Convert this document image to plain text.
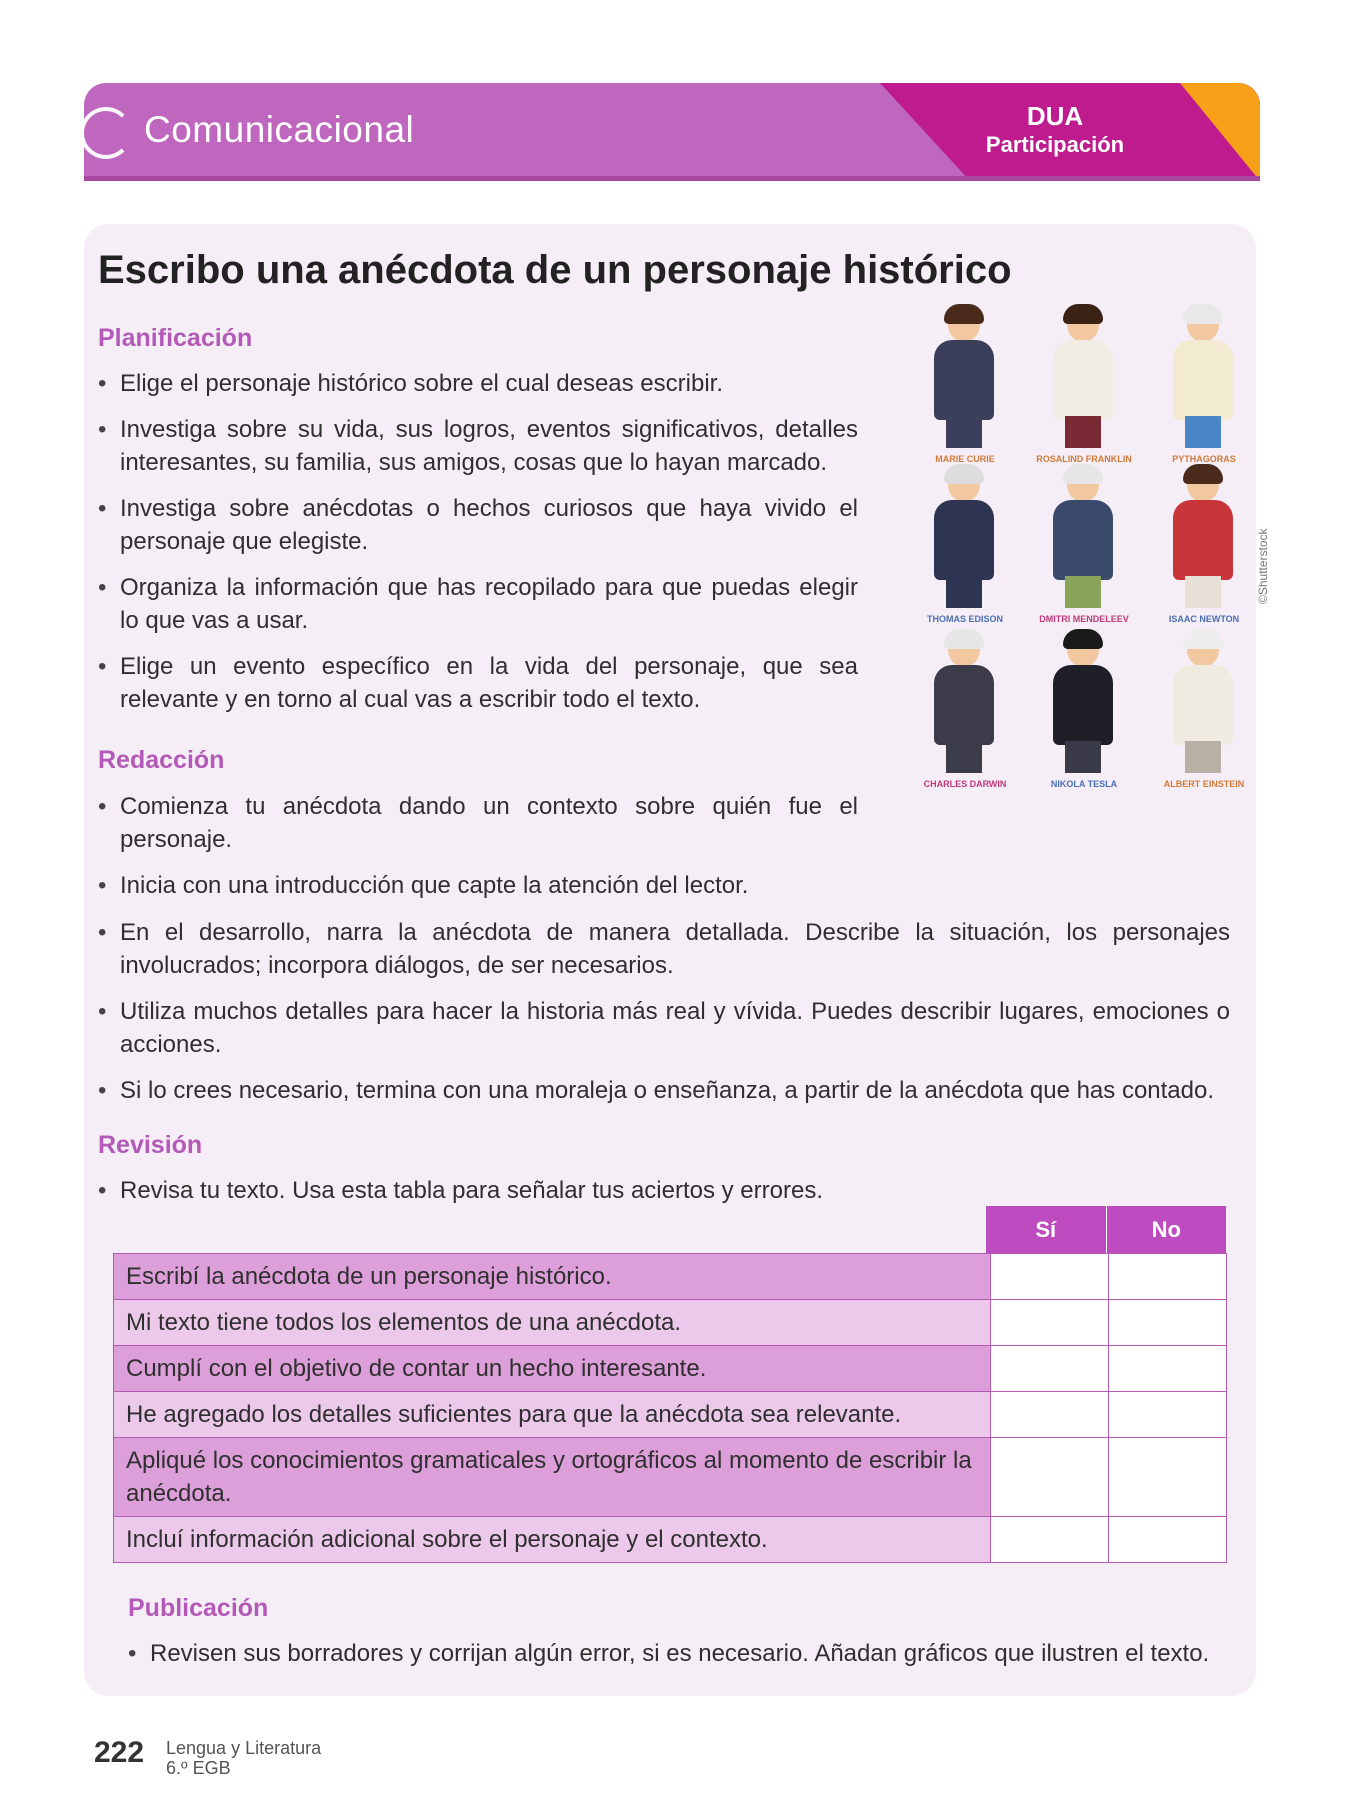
Comunicacional	DUA
Participación
Escribo una anécdota de un personaje histórico
Planificación
• Elige el personaje histórico sobre el cual deseas escribir.
• Investiga sobre su vida, sus logros, eventos significativos, detalles interesantes, su familia, sus amigos, cosas que lo hayan marcado.
• Investiga sobre anécdotas o hechos curiosos que haya vivido el personaje que elegiste.
• Organiza la información que has recopilado para que puedas elegir lo que vas a usar.
• Elige un evento específico en la vida del personaje, que sea relevante y en torno al cual vas a escribir todo el texto.
MARIE CURIE	ROSALIND FRANKLIN	PYTHAGORAS
THOMAS EDISON	DMITRI MENDELEEV	ISAAC NEWTON
CHARLES DARWIN	NIKOLA TESLA	ALBERT EINSTEIN
©Shutterstock
Redacción
• Comienza tu anécdota dando un contexto sobre quién fue el personaje.
• Inicia con una introducción que capte la atención del lector.
• En el desarrollo, narra la anécdota de manera detallada. Describe la situación, los personajes involucrados; incorpora diálogos, de ser necesarios.
• Utiliza muchos detalles para hacer la historia más real y vívida. Puedes describir lugares, emociones o acciones.
• Si lo crees necesario, termina con una moraleja o enseñanza, a partir de la anécdota que has contado.
Revisión
• Revisa tu texto. Usa esta tabla para señalar tus aciertos y errores.
Sí	No
Escribí la anécdota de un personaje histórico.
Mi texto tiene todos los elementos de una anécdota.
Cumplí con el objetivo de contar un hecho interesante.
He agregado los detalles suficientes para que la anécdota sea relevante.
Apliqué los conocimientos gramaticales y ortográficos al momento de escribir la anécdota.
Incluí información adicional sobre el personaje y el contexto.
Publicación
• Revisen sus borradores y corrijan algún error, si es necesario. Añadan gráficos que ilustren el texto.
222 Lengua y Literatura
6.º EGB
